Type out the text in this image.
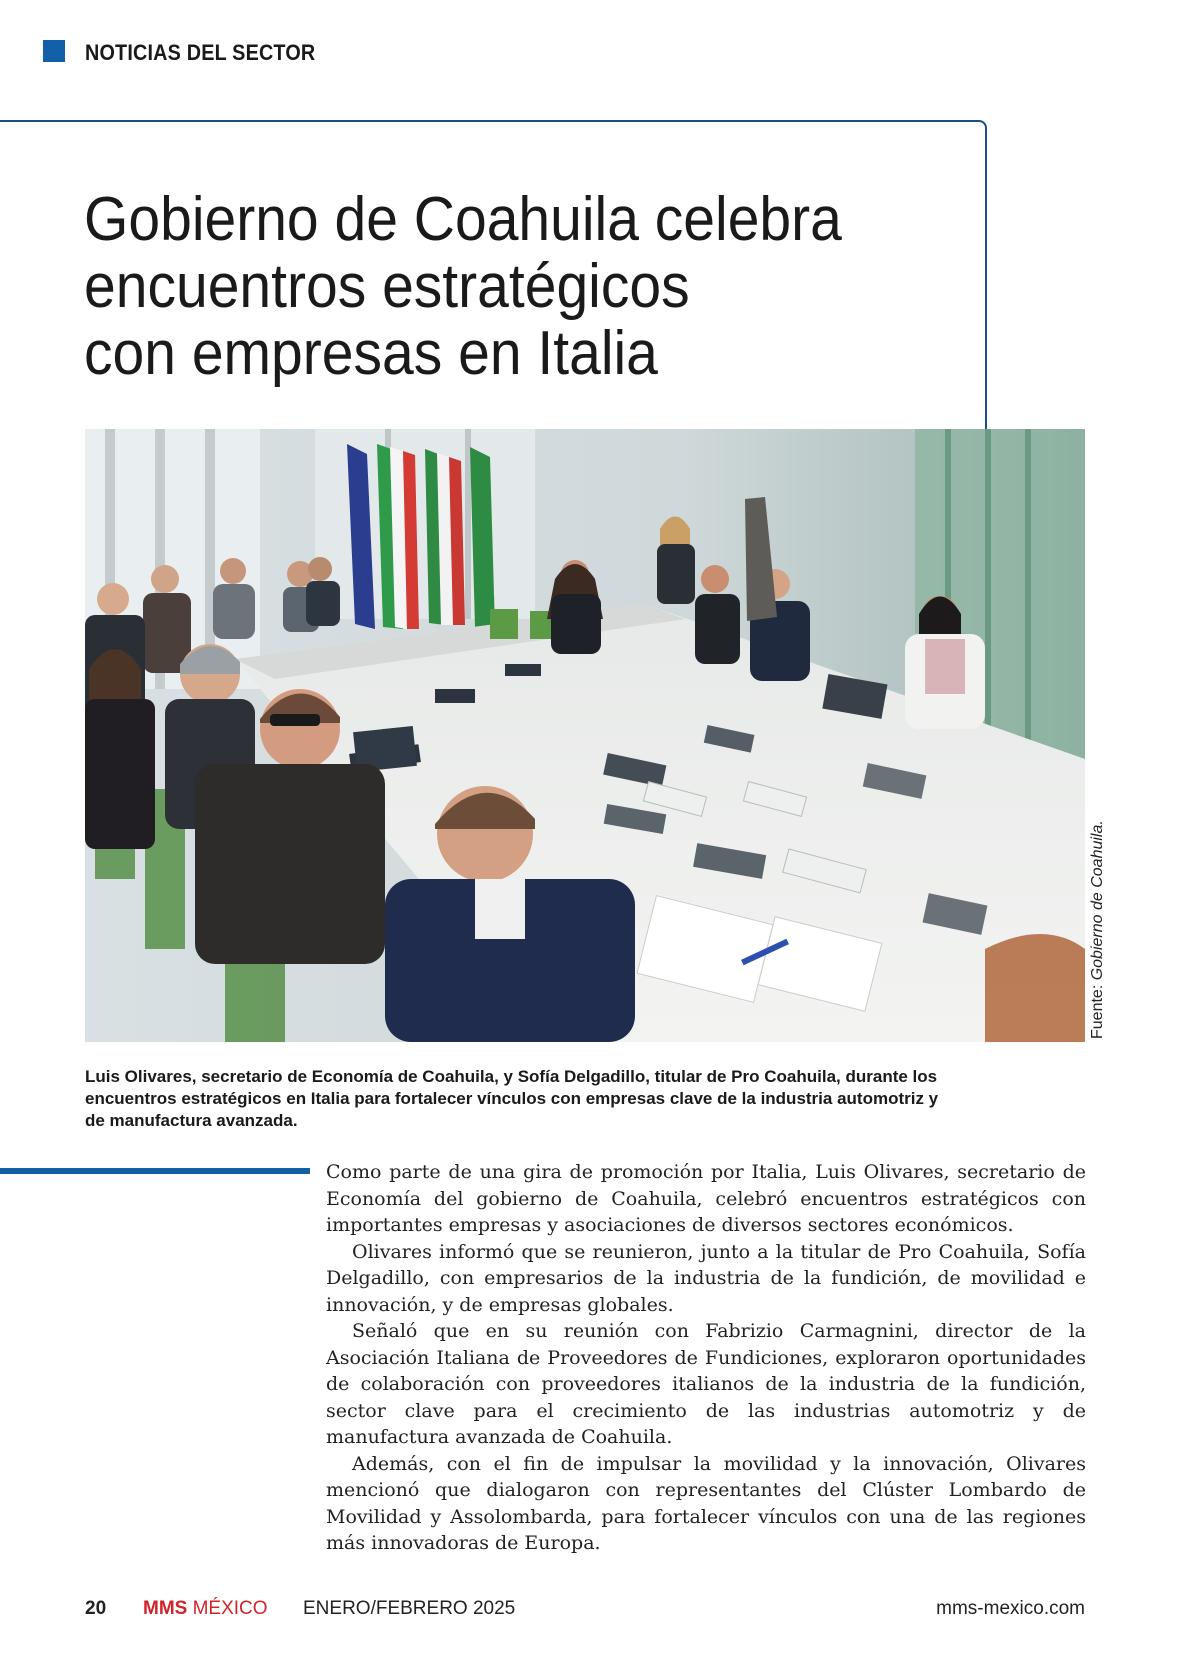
NOTICIAS DEL SECTOR
Gobierno de Coahuila celebra
encuentros estratégicos
con empresas en Italia
Fuente: Gobierno de Coahuila.

Luis Olivares, secretario de Economía de Coahuila, y Sofía Delgadillo, titular de Pro Coahuila, durante los encuentros estratégicos en Italia para fortalecer vínculos con empresas clave de la industria automotriz y de manufactura avanzada.

Como parte de una gira de promoción por Italia, Luis Olivares, secretario de Economía del gobierno de Coahuila, celebró encuentros estratégicos con importantes empresas y asociaciones de diversos sectores económicos.

Olivares informó que se reunieron, junto a la titular de Pro Coahuila, Sofía Delgadillo, con empresarios de la industria de la fundición, de movilidad e innovación, y de empresas globales.

Señaló que en su reunión con Fabrizio Carmagnini, director de la Asociación Italiana de Proveedores de Fundiciones, exploraron oportunidades de colaboración con proveedores italianos de la industria de la fundición, sector clave para el crecimiento de las industrias automotriz y de manufactura avanzada de Coahuila.

Además, con el fin de impulsar la movilidad y la innovación, Olivares mencionó que dialogaron con representantes del Clúster Lombardo de Movilidad y Assolombarda, para fortalecer vínculos con una de las regiones más innovadoras de Europa.

20 MMS MÉXICO ENERO/FEBRERO 2025	mms-mexico.com
